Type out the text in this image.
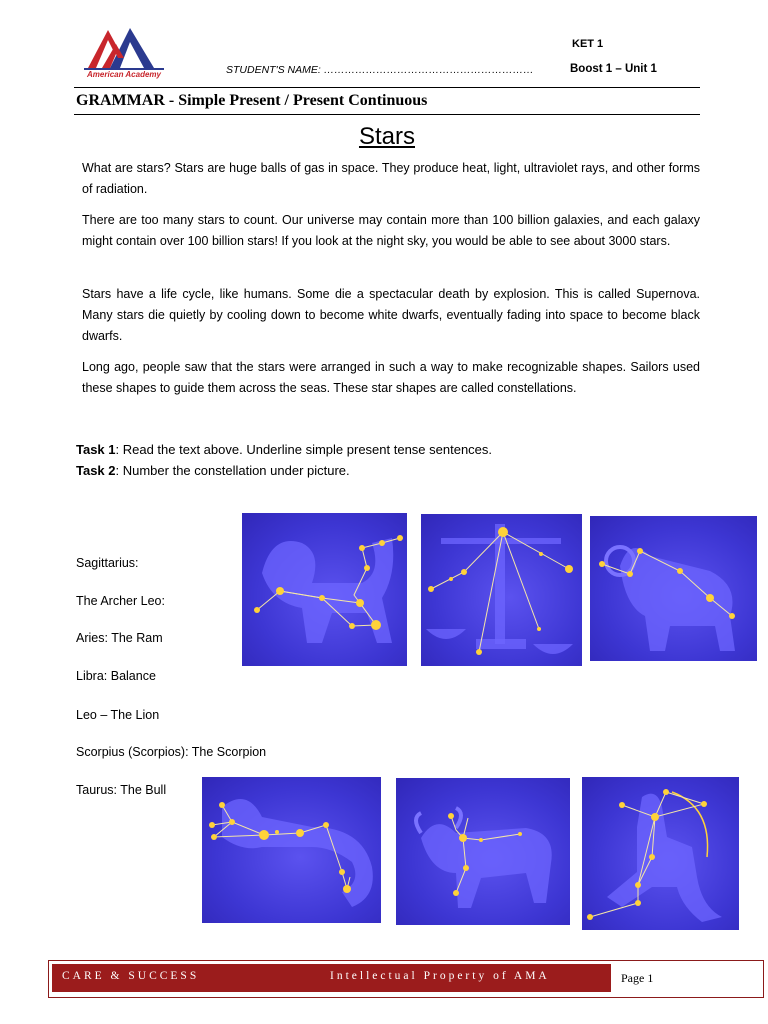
American Academy
KET 1
STUDENT'S NAME: ……………………………………………………	Boost 1 – Unit 1
GRAMMAR - Simple Present / Present Continuous
Stars
What are stars? Stars are huge balls of gas in space. They produce heat, light, ultraviolet rays, and other forms of radiation.
There are too many stars to count. Our universe may contain more than 100 billion galaxies, and each galaxy might contain over 100 billion stars! If you look at the night sky, you would be able to see about 3000 stars.
Stars have a life cycle, like humans. Some die a spectacular death by explosion. This is called Supernova. Many stars die quietly by cooling down to become white dwarfs, eventually fading into space to become black dwarfs.
Long ago, people saw that the stars were arranged in such a way to make recognizable shapes. Sailors used these shapes to guide them across the seas. These star shapes are called constellations.
Task 1: Read the text above. Underline simple present tense sentences.
Task 2: Number the constellation under picture.
Sagittarius:
The Archer Leo:
Aries: The Ram
Libra: Balance
Leo – The Lion
Scorpius (Scorpios): The Scorpion
Taurus: The Bull
CARE & SUCCESS	Intellectual Property of AMA	Page 1
